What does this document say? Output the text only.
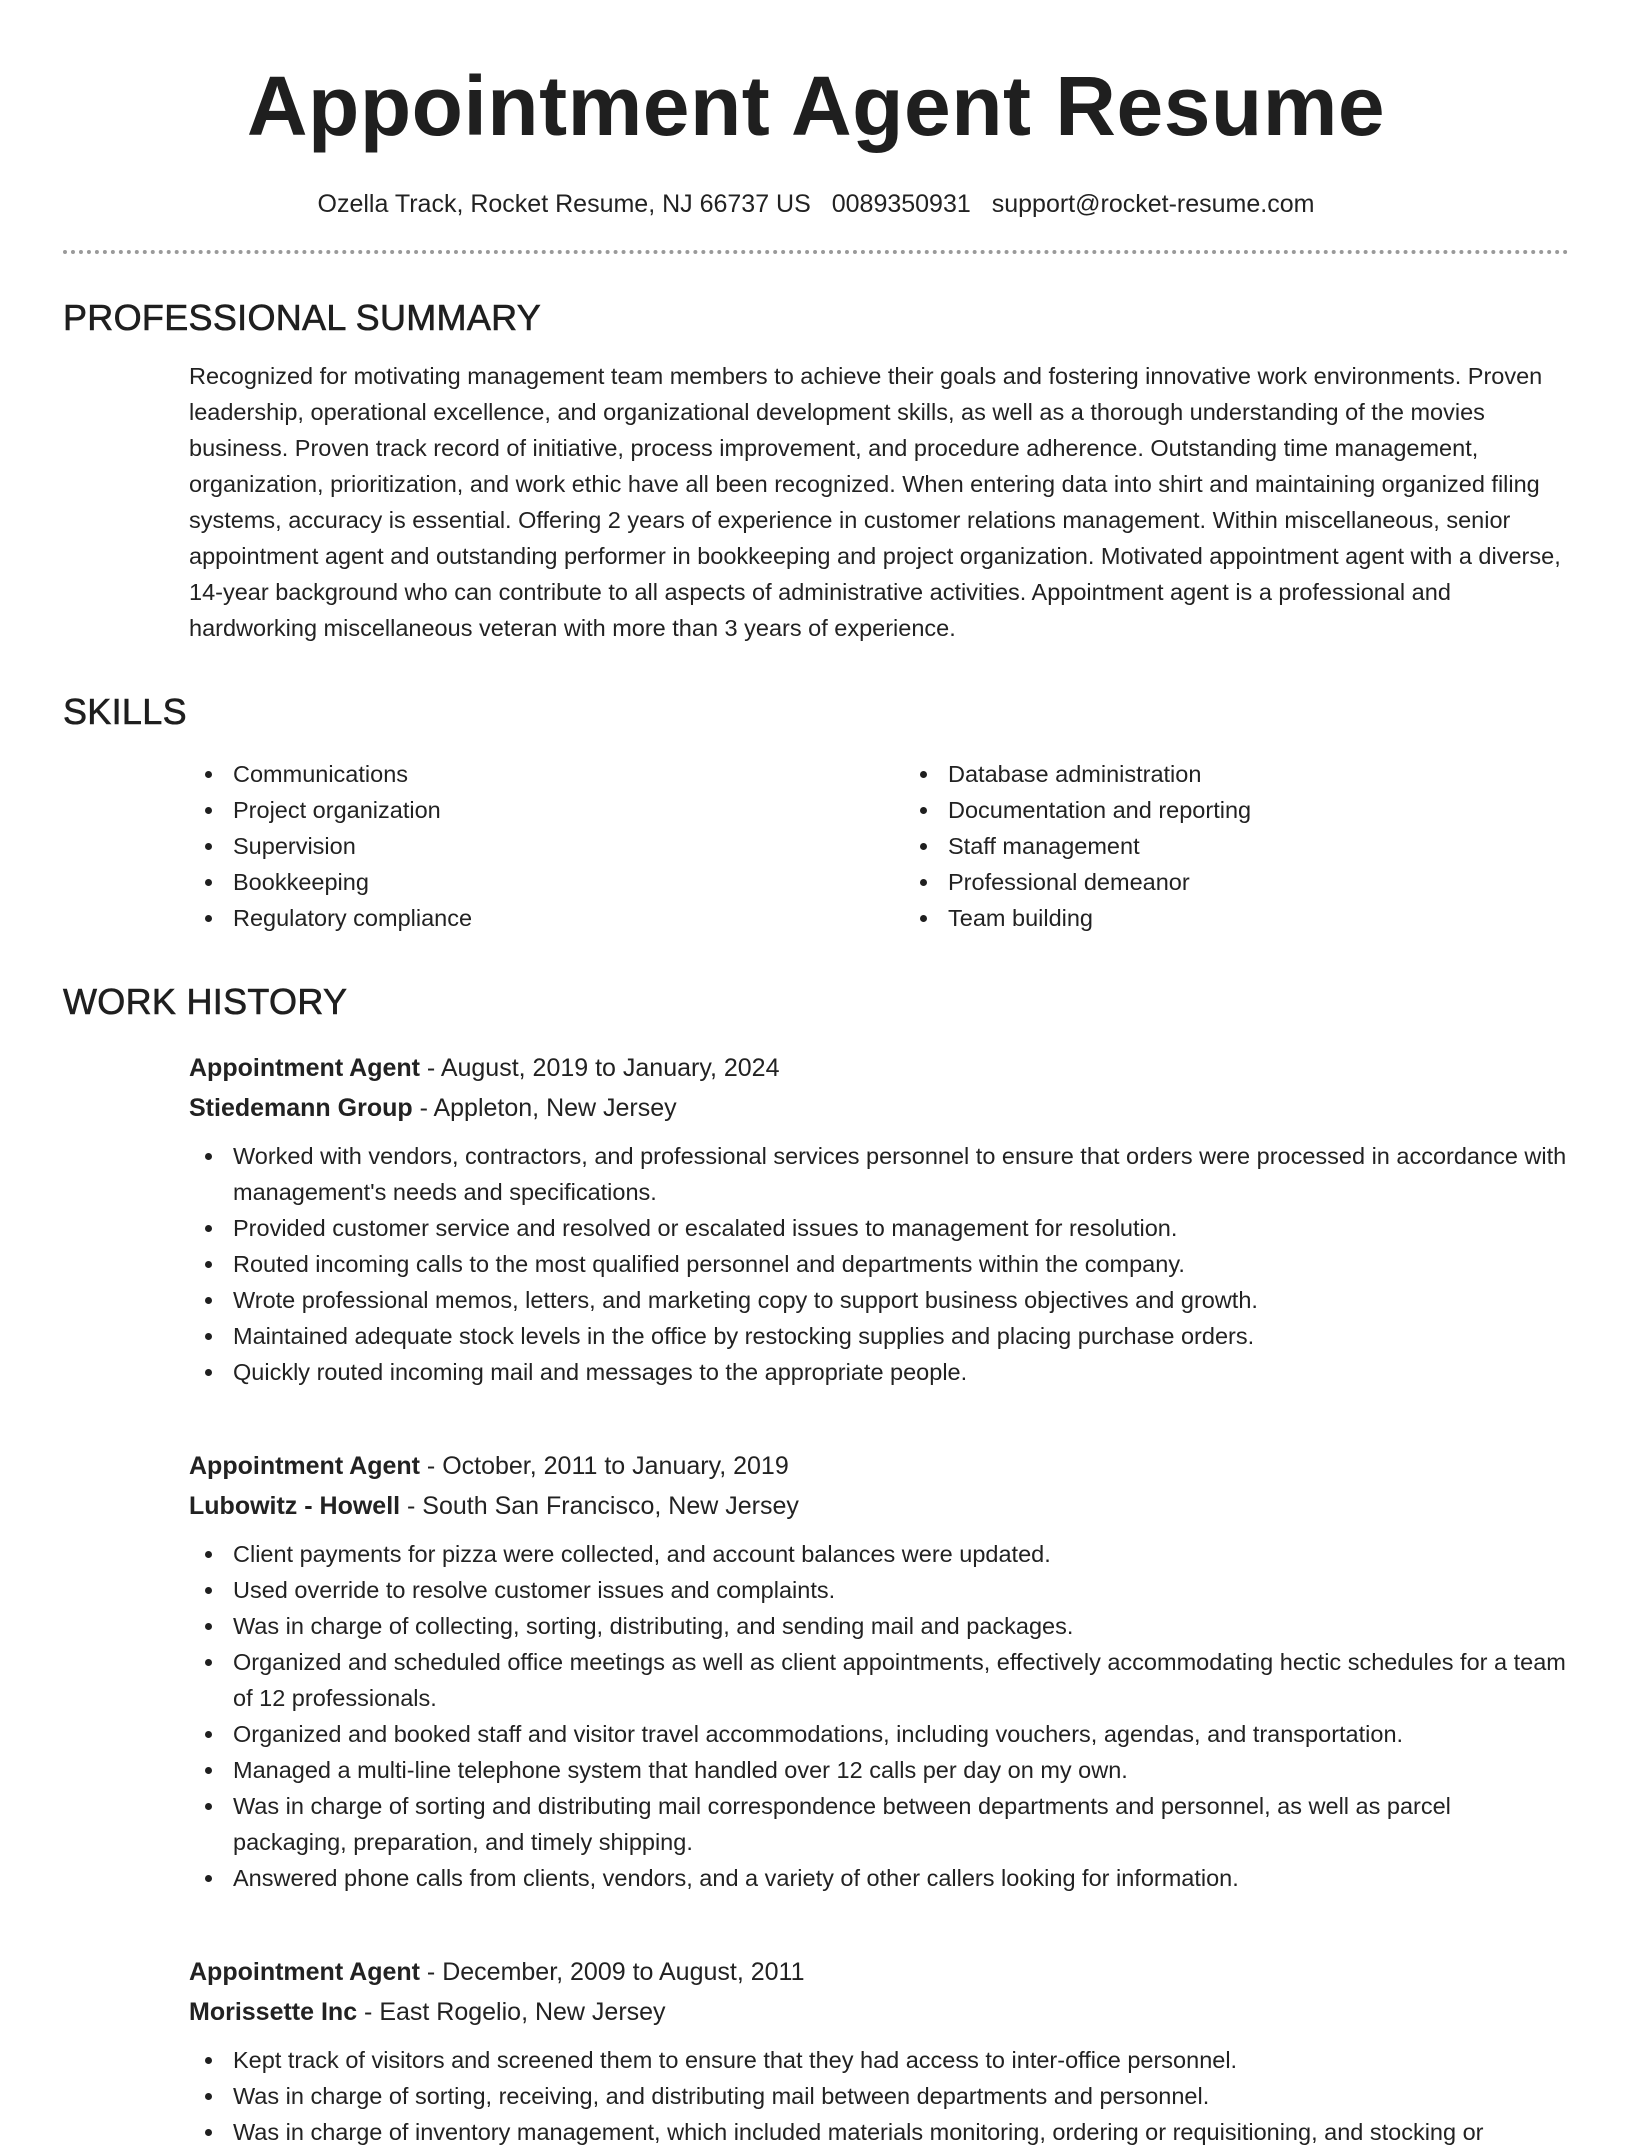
Appointment Agent Resume
Ozella Track, Rocket Resume, NJ 66737 US 0089350931 support@rocket-resume.com
PROFESSIONAL SUMMARY

Recognized for motivating management team members to achieve their goals and fostering innovative work environments. Proven leadership, operational excellence, and organizational development skills, as well as a thorough understanding of the movies business. Proven track record of initiative, process improvement, and procedure adherence. Outstanding time management, organization, prioritization, and work ethic have all been recognized. When entering data into shirt and maintaining organized filing systems, accuracy is essential. Offering 2 years of experience in customer relations management. Within miscellaneous, senior appointment agent and outstanding performer in bookkeeping and project organization. Motivated appointment agent with a diverse, 14-year background who can contribute to all aspects of administrative activities. Appointment agent is a professional and hardworking miscellaneous veteran with more than 3 years of experience.

SKILLS
Communications
Project organization
Supervision
Bookkeeping
Regulatory compliance
Database administration
Documentation and reporting
Staff management
Professional demeanor
Team building
WORK HISTORY
Appointment Agent - August, 2019 to January, 2024
Stiedemann Group - Appleton, New Jersey
Worked with vendors, contractors, and professional services personnel to ensure that orders were processed in accordance with management's needs and specifications.
Provided customer service and resolved or escalated issues to management for resolution.
Routed incoming calls to the most qualified personnel and departments within the company.
Wrote professional memos, letters, and marketing copy to support business objectives and growth.
Maintained adequate stock levels in the office by restocking supplies and placing purchase orders.
Quickly routed incoming mail and messages to the appropriate people.
Appointment Agent - October, 2011 to January, 2019
Lubowitz - Howell - South San Francisco, New Jersey
Client payments for pizza were collected, and account balances were updated.
Used override to resolve customer issues and complaints.
Was in charge of collecting, sorting, distributing, and sending mail and packages.
Organized and scheduled office meetings as well as client appointments, effectively accommodating hectic schedules for a team of 12 professionals.
Organized and booked staff and visitor travel accommodations, including vouchers, agendas, and transportation.
Managed a multi-line telephone system that handled over 12 calls per day on my own.
Was in charge of sorting and distributing mail correspondence between departments and personnel, as well as parcel packaging, preparation, and timely shipping.
Answered phone calls from clients, vendors, and a variety of other callers looking for information.
Appointment Agent - December, 2009 to August, 2011
Morissette Inc - East Rogelio, New Jersey
Kept track of visitors and screened them to ensure that they had access to inter-office personnel.
Was in charge of sorting, receiving, and distributing mail between departments and personnel.
Was in charge of inventory management, which included materials monitoring, ordering or requisitioning, and stocking or
